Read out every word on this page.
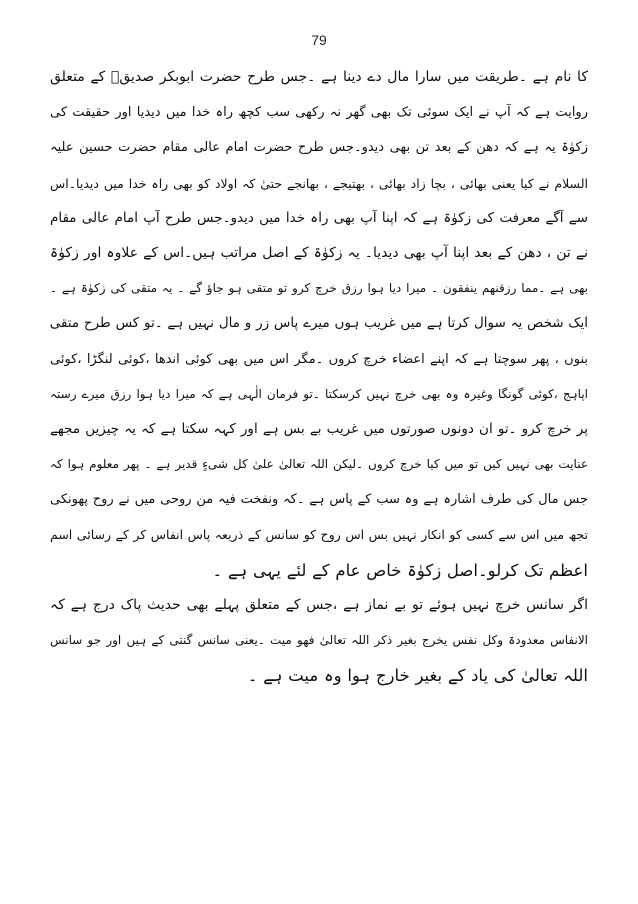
79
کا نام ہے ۔طریقت میں سارا مال دے دینا ہے ۔جس طرح حضرت ابوبکر صدیقؓ کے متعلق
روایت ہے کہ آپ نے ایک سوئی تک بھی گھر نہ رکھی سب کچھ راہ خدا میں دیدیا اور حقیقت کی
زکوٰۃ یہ ہے کہ دھن کے بعد تن بھی دیدو۔جس طرح حضرت امام عالی مقام حضرت حسین علیہ
السلام نے کیا یعنی بھائی ، بچا زاد بھائی ، بھتیجے ، بھانجے حتیٰ کہ اولاد کو بھی راہ خدا میں دیدیا۔اس
سے آگے معرفت کی زکوٰۃ ہے کہ اپنا آپ بھی راہ خدا میں دیدو۔جس طرح آپ امام عالی مقام
نے تن ، دھن کے بعد اپنا آپ بھی دیدیا۔ یہ زکوٰۃ کے اصل مراتب ہیں۔اس کے علاوہ اور زکوٰۃ
بھی ہے ۔مما رزقنھم ینفقون ۔ میرا دیا ہوا رزق خرچ کرو تو متقی ہو جاؤ گے ۔ یہ متقی کی زکوٰۃ ہے ۔
ایک شخص یہ سوال کرتا ہے میں غریب ہوں میرے پاس زر و مال نہیں ہے ۔تو کس طرح متقی
بنوں ، پھر سوچتا ہے کہ اپنے اعضاء خرچ کروں ۔مگر اس میں بھی کوئی اندھا ،کوئی لنگڑا ،کوئی
اپاہج ،کوئی گونگا وغیرہ وہ بھی خرچ نہیں کرسکتا ۔تو فرمان الٰہی ہے کہ میرا دیا ہوا رزق میرے رستہ
پر خرچ کرو ۔تو ان دونوں صورتوں میں غریب بے بس ہے اور کہہ سکتا ہے کہ یہ چیزیں مجھے
عنایت بھی نہیں کیں تو میں کیا خرچ کروں ۔لیکن اللہ تعالیٰ علیٰ کل شیءٍ قدیر ہے ۔ پھر معلوم ہوا کہ
جس مال کی طرف اشارہ ہے وہ سب کے پاس ہے ۔کہ ونفخت فیہ من روحی میں نے روح پھونکی
تجھ میں اس سے کسی کو انکار نہیں بس اس روح کو سانس کے ذریعہ پاس انفاس کر کے رسائی اسم
اعظم تک کرلو۔اصل زکوٰۃ خاص عام کے لئے یہی ہے ۔
اگر سانس خرچ نہیں ہوئے تو بے نماز ہے ،جس کے متعلق پہلے بھی حدیث پاک درج ہے کہ
الانفاس معدودۃ وکل نفس یخرج بغیر ذکر اللہ تعالیٰ فھو میت ۔یعنی سانس گنتی کے ہیں اور جو سانس
اللہ تعالیٰ کی یاد کے بغیر خارج ہوا وہ میت ہے ۔
